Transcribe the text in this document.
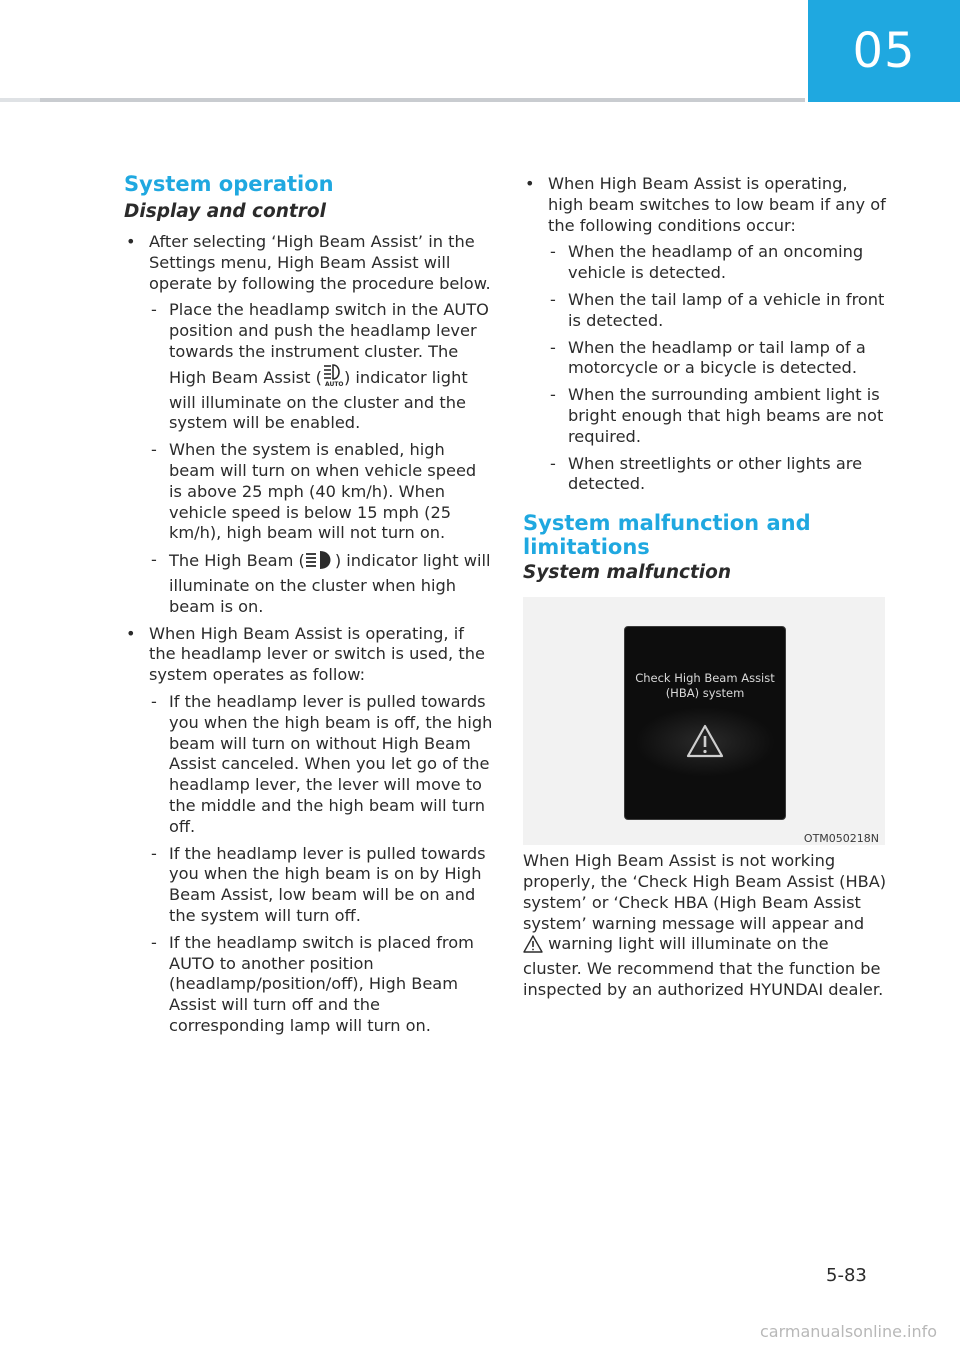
05
System operation
Display and control
• After selecting ‘High Beam Assist’ in the Settings menu, High Beam Assist will operate by following the procedure below.
- Place the headlamp switch in the AUTO position and push the headlamp lever towards the instrument cluster. The High Beam Assist ( AUTO ) indicator light will illuminate on the cluster and the system will be enabled.
- When the system is enabled, high beam will turn on when vehicle speed is above 25 mph (40 km/h). When vehicle speed is below 15 mph (25 km/h), high beam will not turn on.
- The High Beam ( ) indicator light will illuminate on the cluster when high beam is on.
• When High Beam Assist is operating, if the headlamp lever or switch is used, the system operates as follow:
- If the headlamp lever is pulled towards you when the high beam is off, the high beam will turn on without High Beam Assist canceled. When you let go of the headlamp lever, the lever will move to the middle and the high beam will turn off.
- If the headlamp lever is pulled towards you when the high beam is on by High Beam Assist, low beam will be on and the system will turn off.
- If the headlamp switch is placed from AUTO to another position (headlamp/position/off), High Beam Assist will turn off and the corresponding lamp will turn on.
• When High Beam Assist is operating, high beam switches to low beam if any of the following conditions occur:
- When the headlamp of an oncoming vehicle is detected.
- When the tail lamp of a vehicle in front is detected.
- When the headlamp or tail lamp of a motorcycle or a bicycle is detected.
- When the surrounding ambient light is bright enough that high beams are not required.
- When streetlights or other lights are detected.
System malfunction and limitations
System malfunction
Check High Beam Assist
(HBA) system
OTM050218N

When High Beam Assist is not working properly, the ‘Check High Beam Assist (HBA) system’ or ‘Check HBA (High Beam Assist system’ warning message will appear and  warning light will illuminate on the cluster. We recommend that the function be inspected by an authorized HYUNDAI dealer.

5-83
carmanualsonline.info
